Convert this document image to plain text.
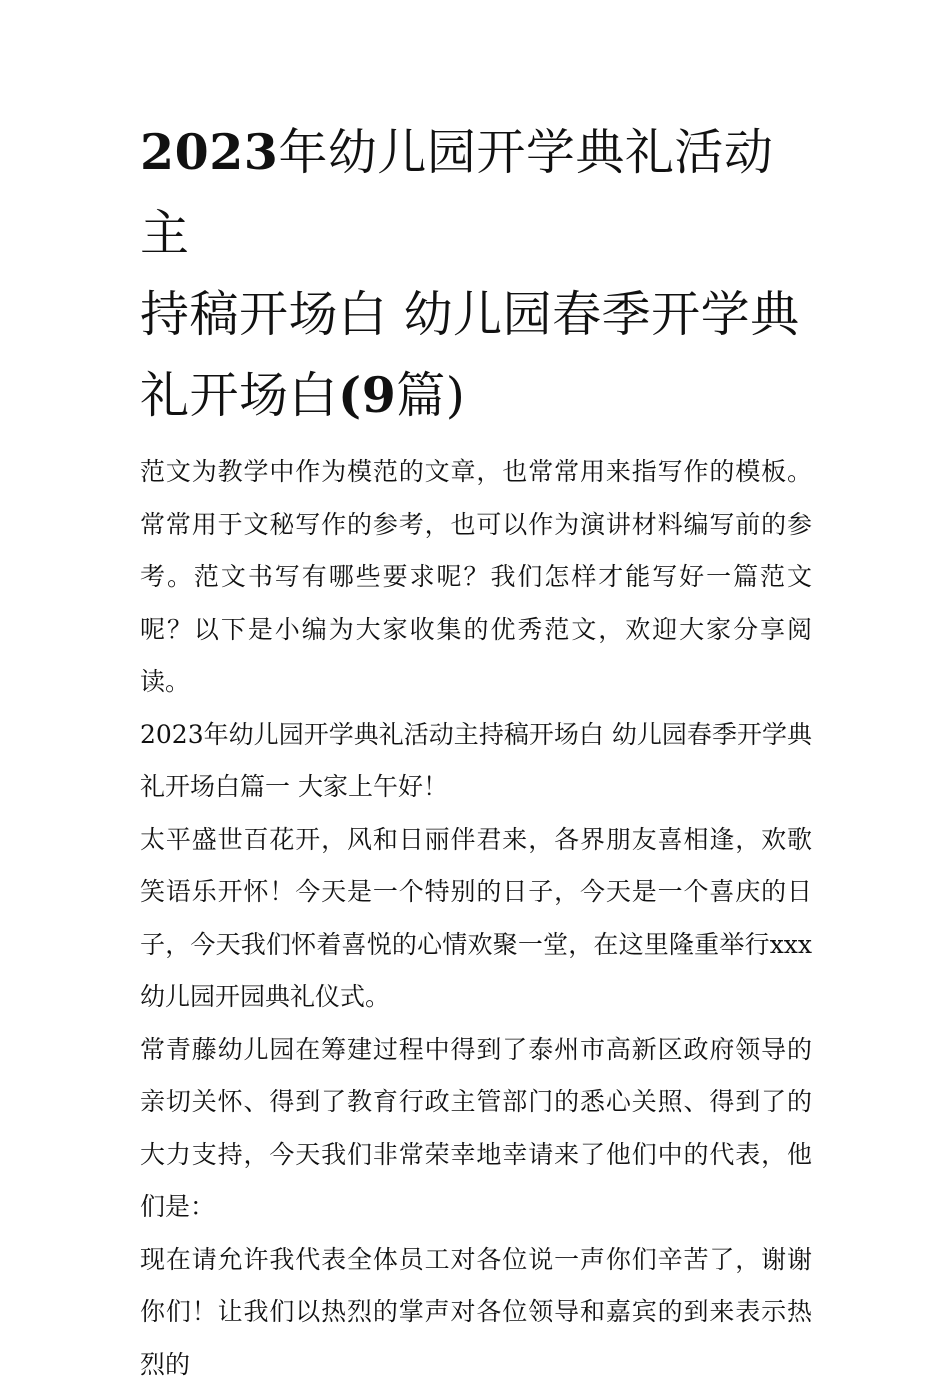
2023年幼儿园开学典礼活动主
持稿开场白 幼儿园春季开学典
礼开场白(9篇)

范文为教学中作为模范的文章，也常常用来指写作的模板。常常用于文秘写作的参考，也可以作为演讲材料编写前的参考。范文书写有哪些要求呢？我们怎样才能写好一篇范文呢？以下是小编为大家收集的优秀范文，欢迎大家分享阅读。

2023年幼儿园开学典礼活动主持稿开场白 幼儿园春季开学典礼开场白篇一 大家上午好！

太平盛世百花开，风和日丽伴君来，各界朋友喜相逢，欢歌笑语乐开怀！今天是一个特别的日子，今天是一个喜庆的日子，今天我们怀着喜悦的心情欢聚一堂，在这里隆重举行xxx幼儿园开园典礼仪式。

常青藤幼儿园在筹建过程中得到了泰州市高新区政府领导的亲切关怀、得到了教育行政主管部门的悉心关照、得到了的大力支持，今天我们非常荣幸地幸请来了他们中的代表，他们是：

现在请允许我代表全体员工对各位说一声你们辛苦了，谢谢你们！让我们以热烈的掌声对各位领导和嘉宾的到来表示热烈的
